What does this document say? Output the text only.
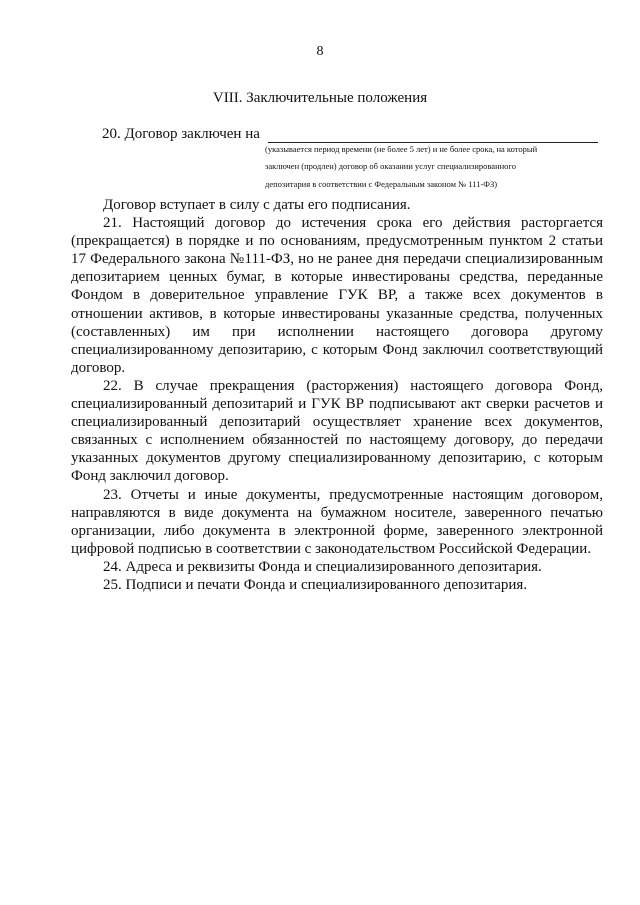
8
VIII. Заключительные положения
20. Договор заключен на
(указывается период времени (не более 5 лет) и не более срока, на который
заключен (продлен) договор об оказании услуг специализированного
депозитария в соответствии с Федеральным законом № 111-ФЗ)

Договор вступает в силу с даты его подписания.

21. Настоящий договор до истечения срока его действия расторгается (прекращается) в порядке и по основаниям, предусмотренным пунктом 2 статьи 17 Федерального закона №111-ФЗ, но не ранее дня передачи специализированным депозитарием ценных бумаг, в которые инвестированы средства, переданные Фондом в доверительное управление ГУК ВР, а также всех документов в отношении активов, в которые инвестированы указанные средства, полученных (составленных) им при исполнении настоящего договора другому специализированному депозитарию, с которым Фонд заключил соответствующий договор.

22. В случае прекращения (расторжения) настоящего договора Фонд, специализированный депозитарий и ГУК ВР подписывают акт сверки расчетов и специализированный депозитарий осуществляет хранение всех документов, связанных с исполнением обязанностей по настоящему договору, до передачи указанных документов другому специализированному депозитарию, с которым Фонд заключил договор.

23. Отчеты и иные документы, предусмотренные настоящим договором, направляются в виде документа на бумажном носителе, заверенного печатью организации, либо документа в электронной форме, заверенного электронной цифровой подписью в соответствии с законодательством Российской Федерации.

24. Адреса и реквизиты Фонда и специализированного депозитария.

25. Подписи и печати Фонда и специализированного депозитария.
